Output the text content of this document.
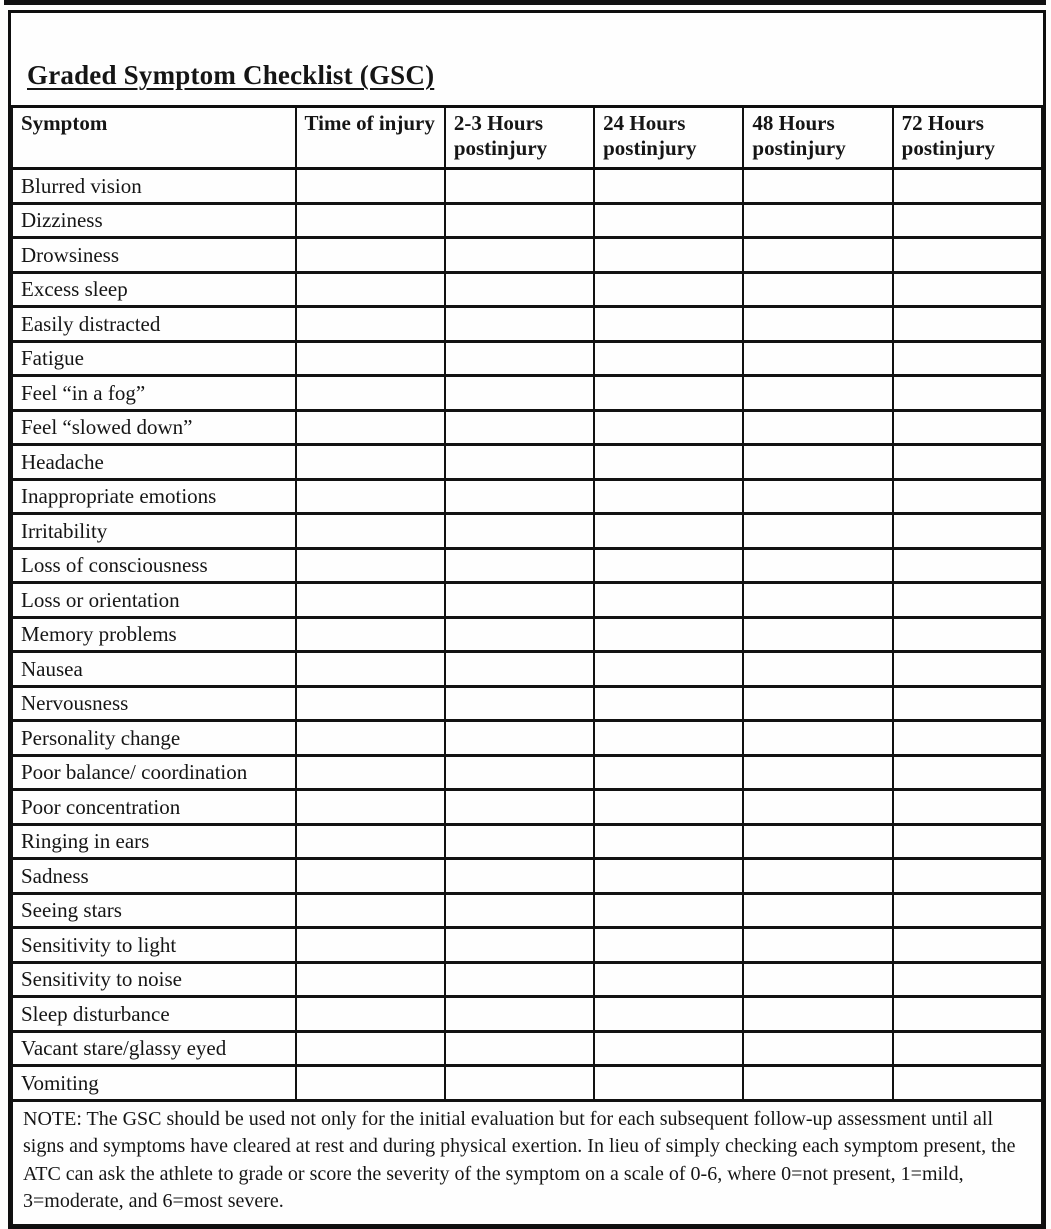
Graded Symptom Checklist (GSC)
Symptom	Time of injury	2-3 Hours postinjury	24 Hours postinjury	48 Hours postinjury	72 Hours postinjury
Blurred vision					
Dizziness					
Drowsiness					
Excess sleep					
Easily distracted					
Fatigue					
Feel “in a fog”					
Feel “slowed down”					
Headache					
Inappropriate emotions					
Irritability					
Loss of consciousness					
Loss or orientation					
Memory problems					
Nausea					
Nervousness					
Personality change					
Poor balance/ coordination					
Poor concentration					
Ringing in ears					
Sadness					
Seeing stars					
Sensitivity to light					
Sensitivity to noise					
Sleep disturbance					
Vacant stare/glassy eyed					
Vomiting					
NOTE: The GSC should be used not only for the initial evaluation but for each subsequent follow-up assessment until all signs and symptoms have cleared at rest and during physical exertion. In lieu of simply checking each symptom present, the ATC can ask the athlete to grade or score the severity of the symptom on a scale of 0-6, where 0=not present, 1=mild, 3=moderate, and 6=most severe.					
